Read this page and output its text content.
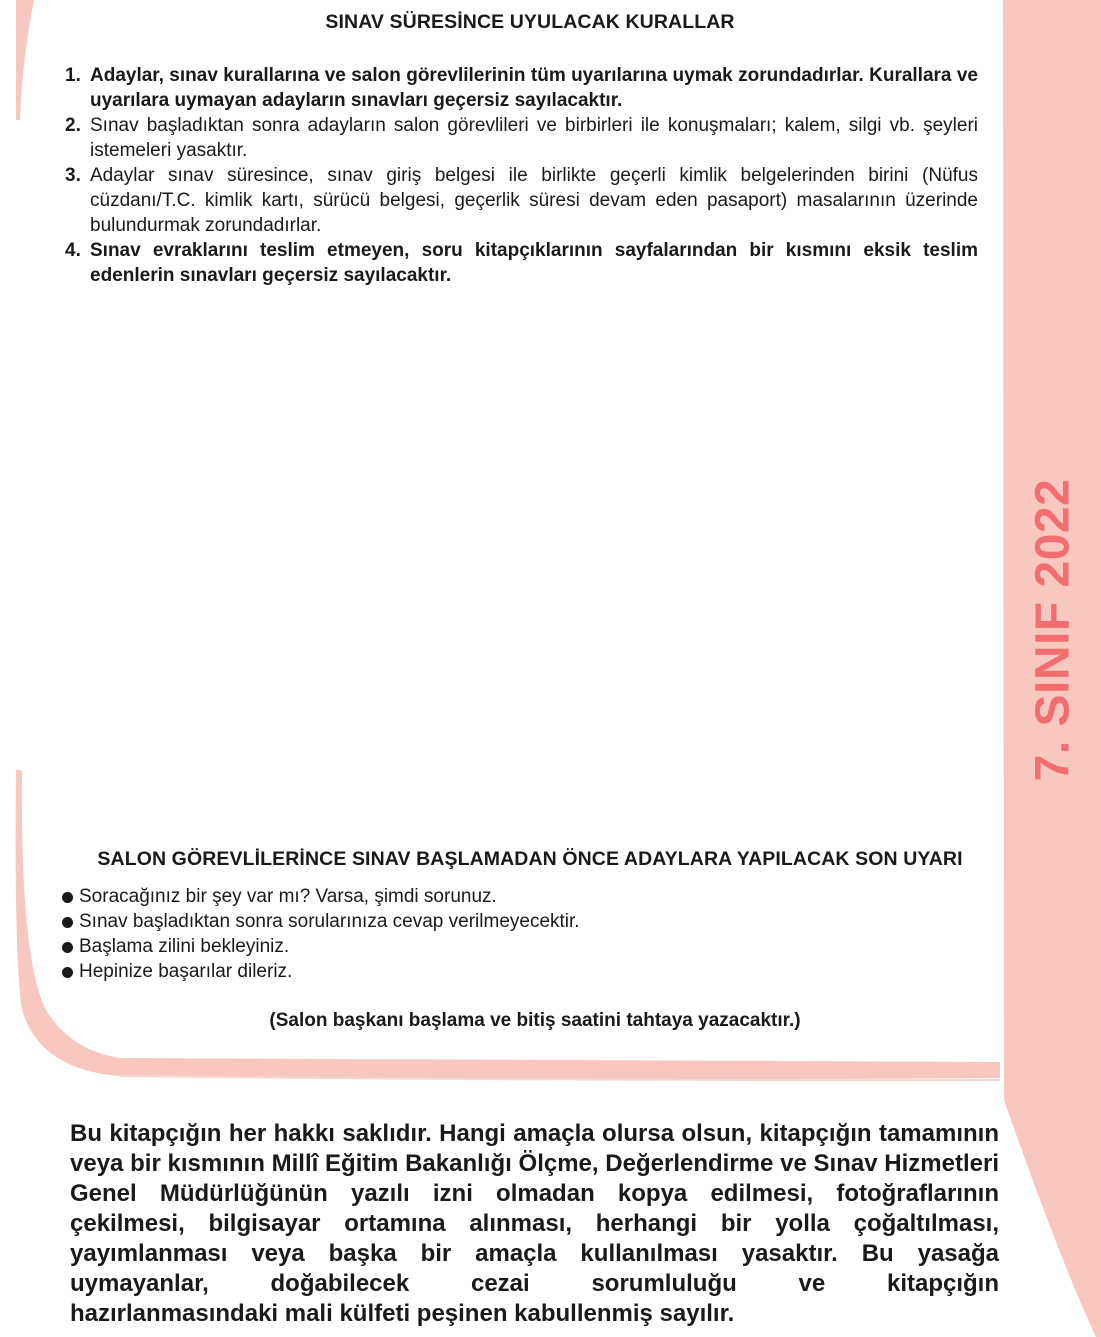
SINAV SÜRESİNCE UYULACAK KURALLAR
1. Adaylar, sınav kurallarına ve salon görevlilerinin tüm uyarılarına uymak zorundadırlar. Kurallara ve uyarılara uymayan adayların sınavları geçersiz sayılacaktır.
2. Sınav başladıktan sonra adayların salon görevlileri ve birbirleri ile konuşmaları; kalem, silgi vb. şeyleri istemeleri yasaktır.
3. Adaylar sınav süresince, sınav giriş belgesi ile birlikte geçerli kimlik belgelerinden birini (Nüfus cüzdanı/T.C. kimlik kartı, sürücü belgesi, geçerlik süresi devam eden pasaport) masalarının üzerinde bulundurmak zorundadırlar.
4. Sınav evraklarını teslim etmeyen, soru kitapçıklarının sayfalarından bir kısmını eksik teslim edenlerin sınavları geçersiz sayılacaktır.
SALON GÖREVLİLERİNCE SINAV BAŞLAMADAN ÖNCE ADAYLARA YAPILACAK SON UYARI
Soracağınız bir şey var mı? Varsa, şimdi sorunuz.
Sınav başladıktan sonra sorularınıza cevap verilmeyecektir.
Başlama zilini bekleyiniz.
Hepinize başarılar dileriz.

(Salon başkanı başlama ve bitiş saatini tahtaya yazacaktır.)

Bu kitapçığın her hakkı saklıdır. Hangi amaçla olursa olsun, kitapçığın tamamının veya bir kısmının Millî Eğitim Bakanlığı Ölçme, Değerlendirme ve Sınav Hizmetleri Genel Müdürlüğünün yazılı izni olmadan kopya edilmesi, fotoğraflarının çekilmesi, bilgisayar ortamına alınması, herhangi bir yolla çoğaltılması, yayımlanması veya başka bir amaçla kullanılması yasaktır. Bu yasağa uymayanlar, doğabilecek cezai sorumluluğu ve kitapçığın
hazırlanmasındaki mali külfeti peşinen kabullenmiş sayılır.

7. SINIF 2022
